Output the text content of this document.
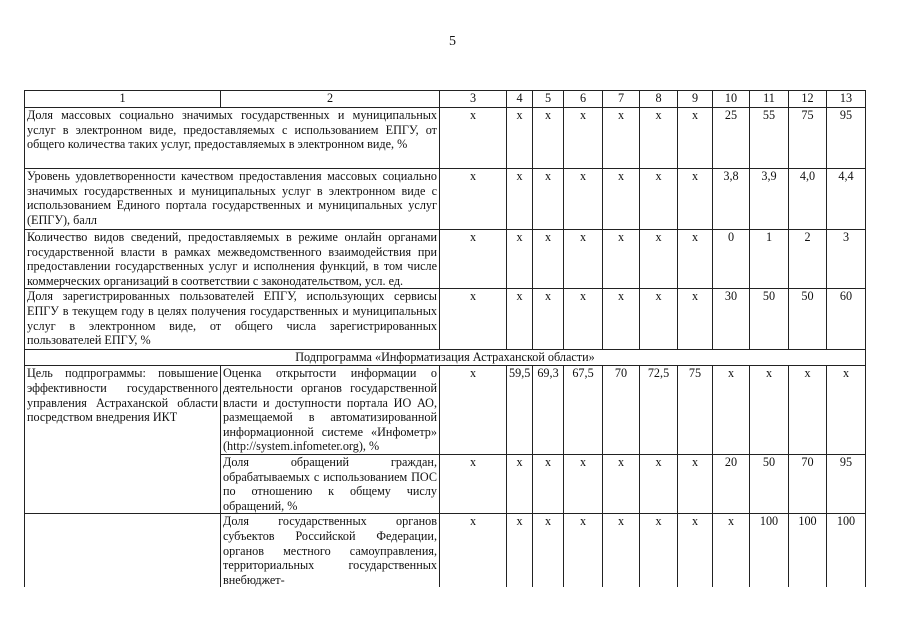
5
1	2	3	4	5	6	7	8	9	10	11	12	13
Доля массовых социально значимых государственных и муниципальных услуг в электронном виде, предоставляемых с использованием ЕПГУ, от общего количества таких услуг, предоставляемых в электронном виде, %		х	х	х	х	х	х	х	25	55	75	95
Уровень удовлетворенности качеством предоставления массовых социально значимых государственных и муниципальных услуг в электронном виде с использованием Единого портала государственных и муниципальных услуг (ЕПГУ), балл		х	х	х	х	х	х	х	3,8	3,9	4,0	4,4
Количество видов сведений, предоставляемых в режиме онлайн органами государственной власти в рамках межведомственного взаимодействия при предоставлении государственных услуг и исполнения функций, в том числе коммерческих организаций в соответствии с законодательством, усл. ед.		х	х	х	х	х	х	х	0	1	2	3
Доля зарегистрированных пользователей ЕПГУ, использующих сервисы ЕПГУ в текущем году в целях получения государственных и муниципальных услуг в электронном виде, от общего числа зарегистрированных пользователей ЕПГУ, %		х	х	х	х	х	х	х	30	50	50	60
Подпрограмма «Информатизация Астраханской области»												
Цель подпрограммы: повышение эффективности государственного управления Астраханской области посредством внедрения ИКТ	Оценка открытости информации о деятельности органов государственной власти и доступности портала ИО АО, размещаемой в автоматизированной информационной системе «Инфометр» (http://system.infometer.org), %	х	59,5	69,3	67,5	70	72,5	75	х	х	х	х
	Доля обращений граждан, обрабатываемых с использованием ПОС по отношению к общему числу обращений, %	х	х	х	х	х	х	х	20	50	70	95
	Доля государственных органов субъектов Российской Федерации, органов местного самоуправления, территориальных государственных внебюджет-	х	х	х	х	х	х	х	х	100	100	100
